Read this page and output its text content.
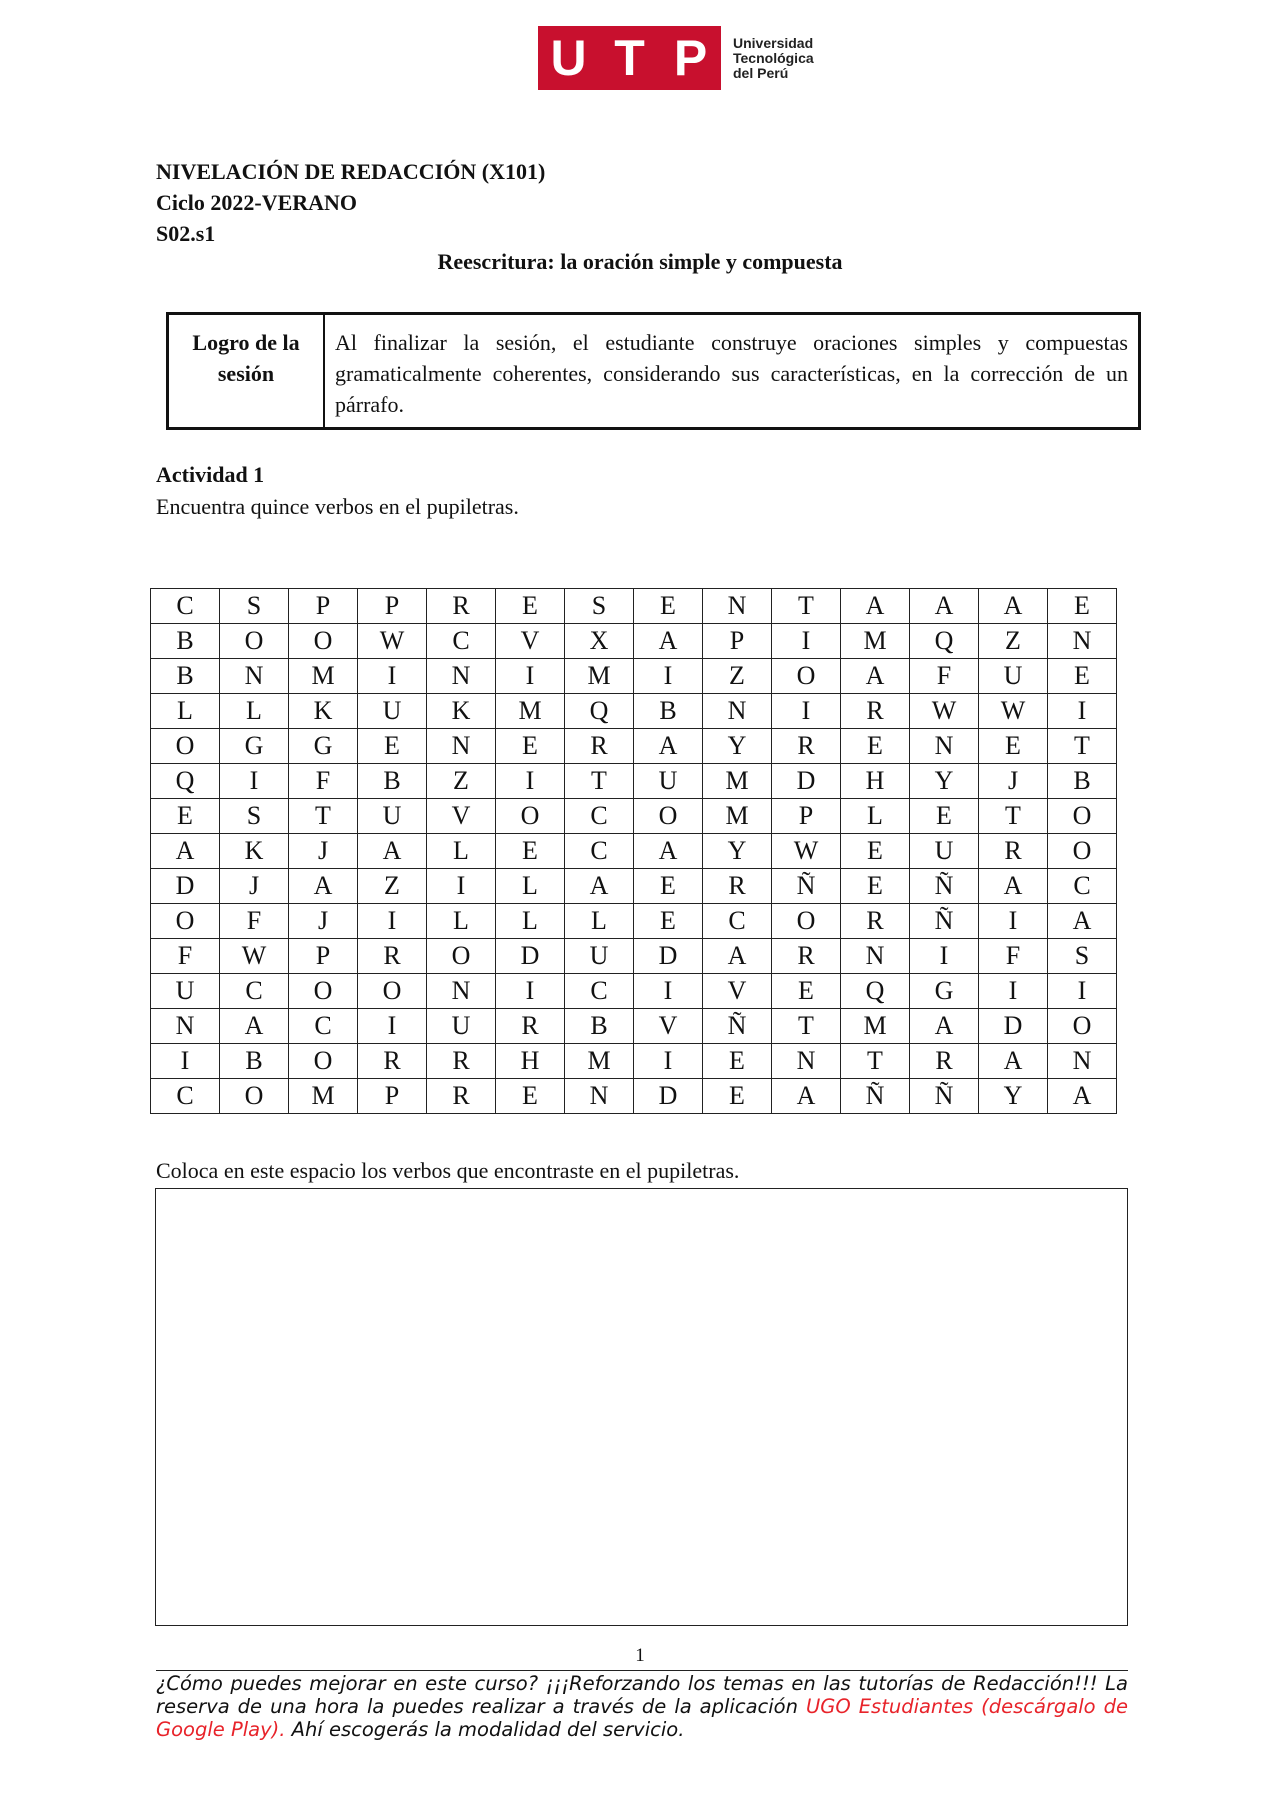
U T P Universidad
Tecnológica
del Perú
NIVELACIÓN DE REDACCIÓN (X101)
Ciclo 2022-VERANO
S02.s1
Reescritura: la oración simple y compuesta
Logro de la sesión
Al finalizar la sesión, el estudiante construye oraciones simples y compuestas gramaticalmente coherentes, considerando sus características, en la corrección de un párrafo.
Actividad 1
Encuentra quince verbos en el pupiletras.
C	S	P	P	R	E	S	E	N	T	A	A	A	E
B	O	O	W	C	V	X	A	P	I	M	Q	Z	N
B	N	M	I	N	I	M	I	Z	O	A	F	U	E
L	L	K	U	K	M	Q	B	N	I	R	W	W	I
O	G	G	E	N	E	R	A	Y	R	E	N	E	T
Q	I	F	B	Z	I	T	U	M	D	H	Y	J	B
E	S	T	U	V	O	C	O	M	P	L	E	T	O
A	K	J	A	L	E	C	A	Y	W	E	U	R	O
D	J	A	Z	I	L	A	E	R	Ñ	E	Ñ	A	C
O	F	J	I	L	L	L	E	C	O	R	Ñ	I	A
F	W	P	R	O	D	U	D	A	R	N	I	F	S
U	C	O	O	N	I	C	I	V	E	Q	G	I	I
N	A	C	I	U	R	B	V	Ñ	T	M	A	D	O
I	B	O	R	R	H	M	I	E	N	T	R	A	N
C	O	M	P	R	E	N	D	E	A	Ñ	Ñ	Y	A
Coloca en este espacio los verbos que encontraste en el pupiletras.
1
¿Cómo puedes mejorar en este curso? ¡¡¡Reforzando los temas en las tutorías de Redacción!!! La reserva de una hora la puedes realizar a través de la aplicación UGO Estudiantes (descárgalo de Google Play). Ahí escogerás la modalidad del servicio.
